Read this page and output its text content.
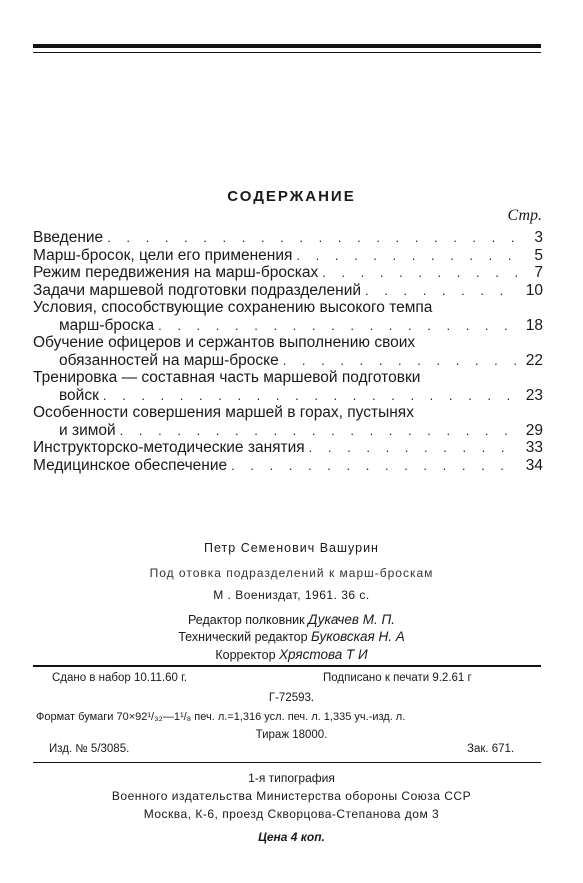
СОДЕРЖАНИЕ
Стр.
Введение . . .	3
Марш-бросок, цели его применения . . .	5
Режим передвижения на марш-бросках . . .	7
Задачи маршевой подготовки подразделений . . .	10
Условия, способствующие сохранению высокого темпа
марш-броска . . .	18
Обучение офицеров и сержантов выполнению своих
обязанностей на марш-броске . . .	22
Тренировка — составная часть маршевой подготовки
войск . . .	23
Особенности совершения маршей в горах, пустынях
и зимой . . .	29
Инструкторско-методические занятия . . .	33
Медицинское обеспечение . . .	34
Петр Семенович Вашурин
Под отовка подразделений к марш-броскам
М . Воениздат, 1961. 36 с.
Редактор полковник Дукачев М. П.
Технический редактор Буковская Н. А
Корректор Хрястова Т И
Сдано в набор 10.11.60 г.	Подписано к печати 9.2.61 г
Г-72593.
Формат бумаги 70×92¹/₃₂—1¹/₈ печ. л.=1,316 усл. печ. л. 1,335 уч.-изд. л.
Тираж 18000.
Изд. № 5/3085.	Зак. 671.
1-я типография
Военного издательства Министерства обороны Союза ССР
Москва, К-6, проезд Скворцова-Степанова дом 3
Цена 4 коп.
